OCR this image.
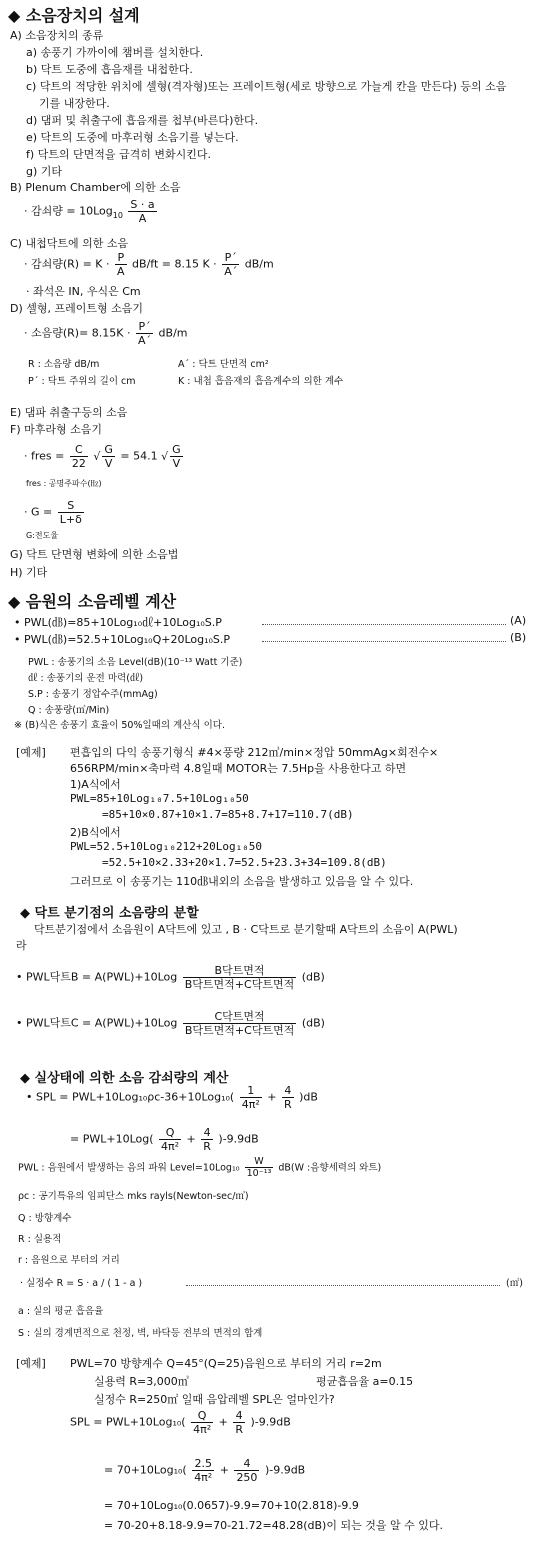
◆ 소음장치의 설계
A) 소음장치의 종류
a) 송풍기 가까이에 챔버를 설치한다.
b) 닥트 도중에 흡음재를 내첩한다.
c) 닥트의 적당한 위치에 셀형(격자형)또는 프레이트형(세로 방향으로 가늘게 칸을 만든다) 등의 소음
기를 내장한다.
d) 댐퍼 및 취출구에 흡음재를 첩부(바른다)한다.
e) 닥트의 도중에 마후러형 소음기를 넣는다.
f) 닥트의 단면적을 급격히 변화시킨다.
g) 기타
B) Plenum Chamber에 의한 소음
· 감쇠량 = $10Log_{10} \frac{S \cdot a}{A}$
C) 내첩닥트에 의한 소음
· 감쇠량$(R) = K \cdot \frac{P}{A} dB/ft = 8.15$ $K \cdot \frac{P´}{A´} dB/m$
· 좌석은 IN, 우식은 Cm
D) 셀형, 프레이트형 소음기
· 소음량$(R)= 8.15K \cdot \frac{P´}{A´} dB/m$
R : 소음량 dB/m	A´ : 닥트 단면적 cm²
P´ : 닥트 주위의 길이 cm	K : 내첩 흡음재의 흡음계수의 의한 계수
E) 댐파 취출구등의 소음
F) 마후라형 소음기
· fres = $\frac{C}{22}$ √ $\frac{G}{V} = 54.1$ √ $\frac{G}{V}$
fres : 공명주파수(㎐)
· $G = \frac{S}{L+\delta}$
G:전도율
G) 닥트 단면형 변화에 의한 소음법
H) 기타
◆ 음원의 소음레벨 계산
• PWL(㏈)=85+10Log₁₀㎗+10Log₁₀S.P	(A)
• PWL(㏈)=52.5+10Log₁₀Q+20Log₁₀S.P	(B)
PWL : 송풍기의 소음 Level(dB)(10⁻¹³ Watt 기준)
㎗ : 송풍기의 운전 마력(㎗)
S.P : 송풍기 정압수주(mmAg)
Q : 송풍량(㎥/Min)
※ (B)식은 송풍기 효율이 50%일때의 계산식 이다.
[예제] 편흡입의 다익 송풍기형식 #4×풍량 212㎥/min×정압 50mmAg×회전수×
656RPM/min×축마력 4.8일때 MOTOR는 7.5Hp을 사용한다고 하면
1)A식에서
PWL=85+10Log₁₀7.5+10Log₁₀50
=85+10×0.87+10×1.7=85+8.7+17=110.7(dB)
2)B식에서
PWL=52.5+10Log₁₀212+20Log₁₀50
=52.5+10×2.33+20×1.7=52.5+23.3+34=109.8(dB)
그러므로 이 송풍기는 110㏈내외의 소음을 발생하고 있음을 알 수 있다.
◆ 닥트 분기점의 소음량의 분할
닥트분기점에서 소음원이 A닥트에 있고 , B · C닥트로 분기할때 A닥트의 소음이 A(PWL)
라
• PWL닥트$B = A(PWL)+10Log \frac{\text{B닥트면적}}{\text{B닥트면적+C닥트면적}} (dB)$
• PWL닥트$C = A(PWL)+10Log \frac{\text{C닥트면적}}{\text{B닥트면적+C닥트면적}} (dB)$
◆ 실상태에 의한 소음 감쇠량의 계산
• SPL = $PWL+10Log_{10}\rho c-36+10Log_{10}( \frac{1}{\text{4π²}} + \frac{4}{R} )dB$
= $PWL+10Log( \frac{Q}{\text{4π²}} + \frac{4}{R} )-9.9dB$
PWL : 음원에서 발생하는 음의 파워 Level=10Log₁₀ $\frac{W}{\text{10⁻¹³}} dB(W$ :음향세력의 와트)
ρc : 공기특유의 임피단스 mks rayls(Newton-sec/㎥)
Q : 방향계수
R : 실용적
r : 음원으로 부터의 거리
· 실정수 R = S · a / ( 1 - a )	(㎡)
a : 실의 평균 흡음율
S : 실의 경계면적으로 천정, 벽, 바닥등 전부의 면적의 합계
[예제] PWL=70 방향계수 Q=45°(Q=25)음원으로 부터의 거리 r=2m
실용력 R=3,000㎥	평균흡음율 a=0.15
실정수 R=250㎡ 일때 음압레벨 SPL은 얼마인가?
SPL = $PWL+10Log_{10}( \frac{Q}{\text{4π²}} + \frac{4}{R} )-9.9dB$
= $70+10Log_{10}( \frac{2.5}{\text{4π²}} + \frac{4}{250} )-9.9dB$
= 70+10Log₁₀(0.0657)-9.9=70+10(2.818)-9.9
= 70-20+8.18-9.9=70-21.72=48.28(dB)이 되는 것을 알 수 있다.
